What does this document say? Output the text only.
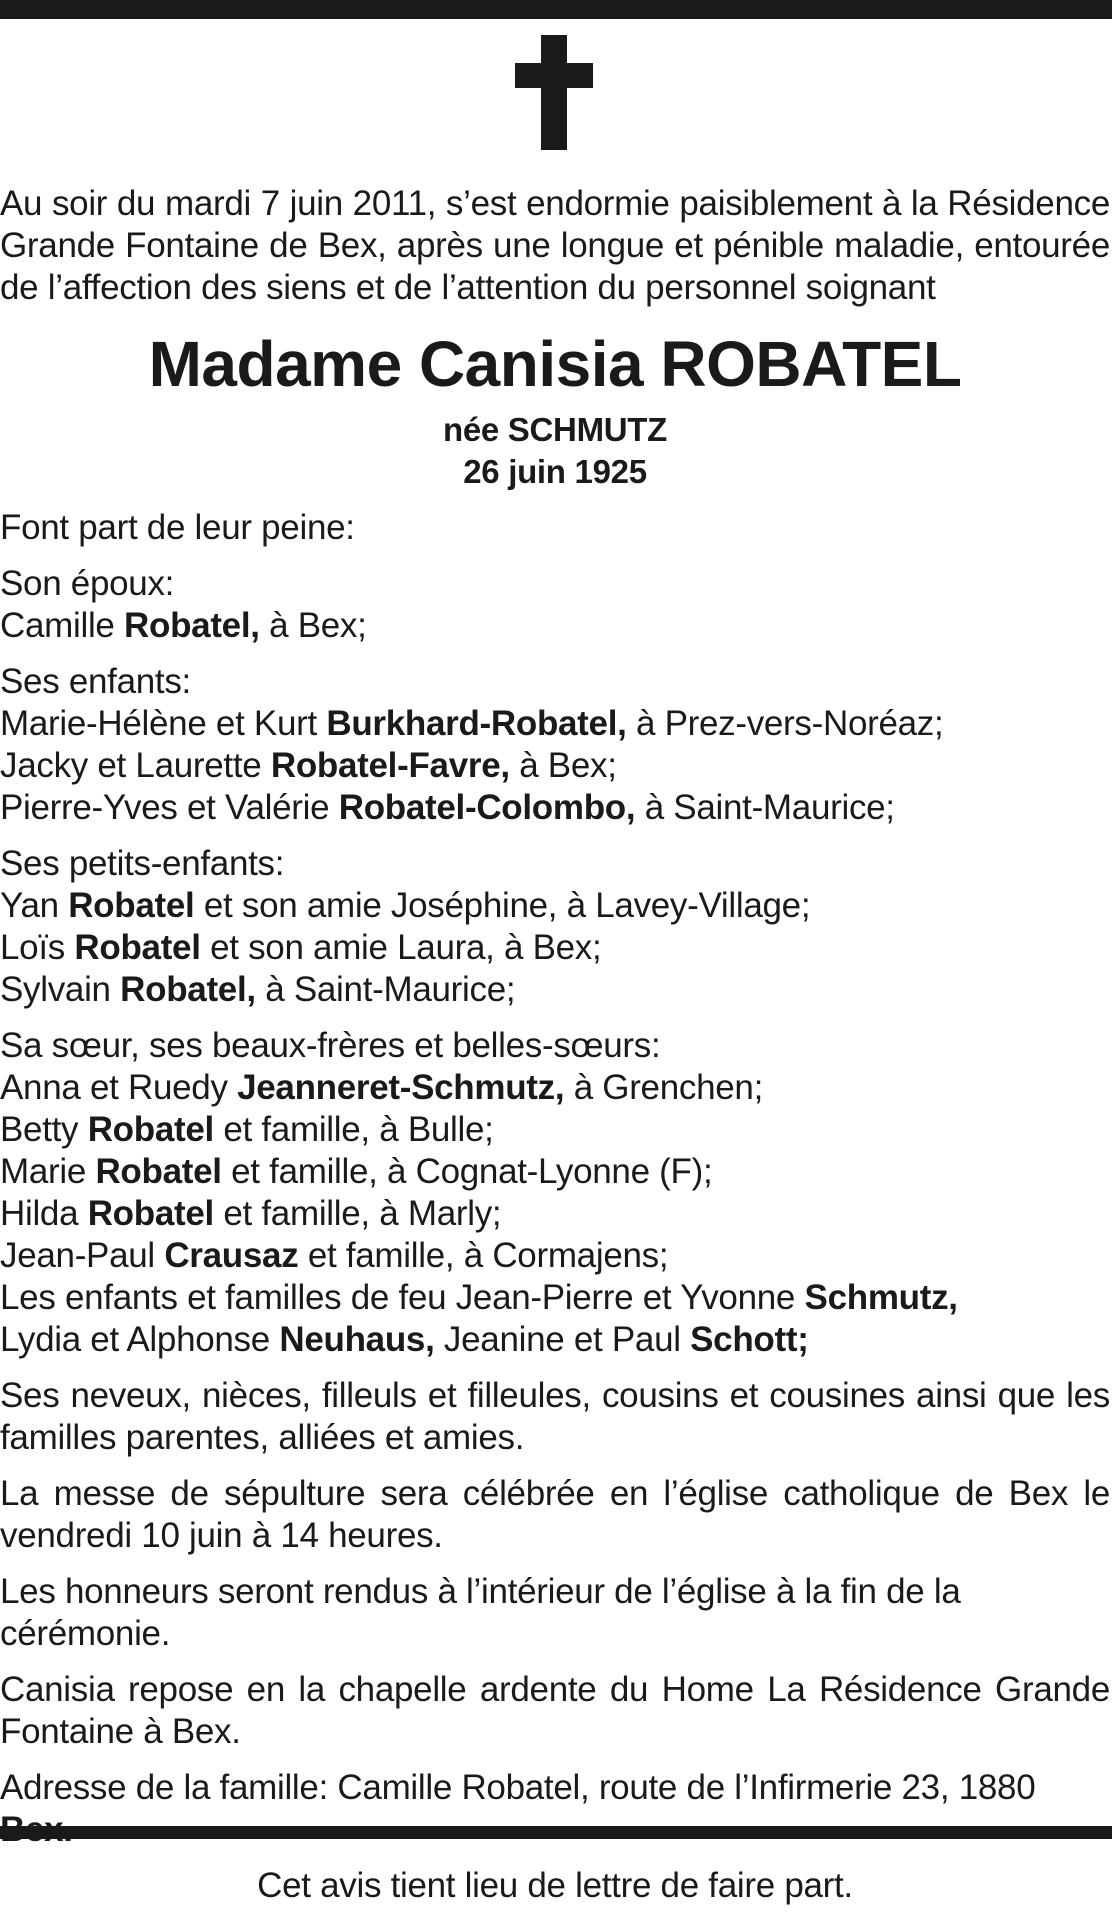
Au soir du mardi 7 juin 2011, s’est endormie paisiblement à la Résidence Grande Fontaine de Bex, après une longue et pénible maladie, entourée de l’affection des siens et de l’attention du personnel soignant

Madame Canisia ROBATEL
née SCHMUTZ
26 juin 1925

Font part de leur peine:

Son époux:
Camille Robatel, à Bex;
Ses enfants:
Marie-Hélène et Kurt Burkhard-Robatel, à Prez-vers-Noréaz;
Jacky et Laurette Robatel-Favre, à Bex;
Pierre-Yves et Valérie Robatel-Colombo, à Saint-Maurice;
Ses petits-enfants:
Yan Robatel et son amie Joséphine, à Lavey-Village;
Loïs Robatel et son amie Laura, à Bex;
Sylvain Robatel, à Saint-Maurice;
Sa sœur, ses beaux-frères et belles-sœurs:
Anna et Ruedy Jeanneret-Schmutz, à Grenchen;
Betty Robatel et famille, à Bulle;
Marie Robatel et famille, à Cognat-Lyonne (F);
Hilda Robatel et famille, à Marly;
Jean-Paul Crausaz et famille, à Cormajens;
Les enfants et familles de feu Jean-Pierre et Yvonne Schmutz,
Lydia et Alphonse Neuhaus, Jeanine et Paul Schott;

Ses neveux, nièces, filleuls et filleules, cousins et cousines ainsi que les familles parentes, alliées et amies.

La messe de sépulture sera célébrée en l’église catholique de Bex le vendredi 10 juin à 14 heures.

Les honneurs seront rendus à l’intérieur de l’église à la fin de la cérémonie.

Canisia repose en la chapelle ardente du Home La Résidence Grande Fontaine à Bex.

Adresse de la famille: Camille Robatel, route de l’Infirmerie 23, 1880

Cet avis tient lieu de lettre de faire part.
